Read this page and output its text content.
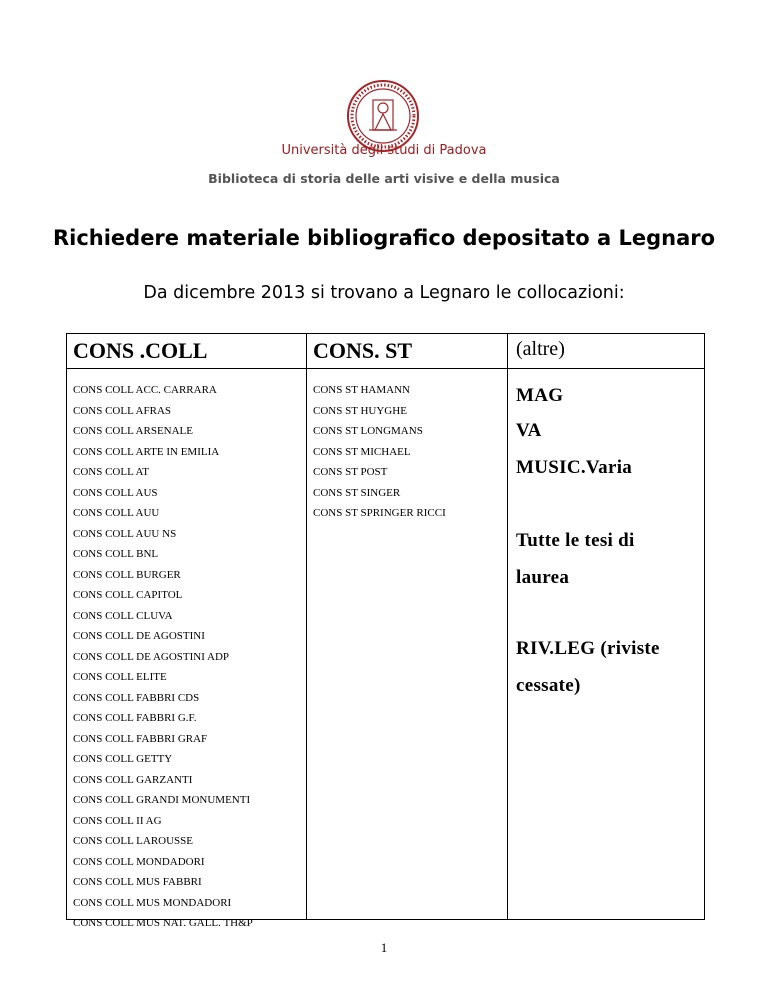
Università degli studi di Padova
Biblioteca di storia delle arti visive e della musica
Richiedere materiale bibliografico depositato a Legnaro
Da dicembre 2013 si trovano a Legnaro le collocazioni:
CONS .COLL	CONS. ST	(altre)
CONS COLL ACC. CARRARA
CONS COLL AFRAS
CONS COLL ARSENALE
CONS COLL ARTE IN EMILIA
CONS COLL AT
CONS COLL AUS
CONS COLL AUU
CONS COLL AUU NS
CONS COLL BNL
CONS COLL BURGER
CONS COLL CAPITOL
CONS COLL CLUVA
CONS COLL DE AGOSTINI
CONS COLL DE AGOSTINI ADP
CONS COLL ELITE
CONS COLL FABBRI CDS
CONS COLL FABBRI G.F.
CONS COLL FABBRI GRAF
CONS COLL GETTY
CONS COLL GARZANTI
CONS COLL GRANDI MONUMENTI
CONS COLL II AG
CONS COLL LAROUSSE
CONS COLL MONDADORI
CONS COLL MUS FABBRI
CONS COLL MUS MONDADORI
CONS COLL MUS NAT. GALL. TH&P
CONS ST HAMANN
CONS ST HUYGHE
CONS ST LONGMANS
CONS ST MICHAEL
CONS ST POST
CONS ST SINGER
CONS ST SPRINGER RICCI
MAG
VA
MUSIC.Varia
Tutte le tesi di
laurea
RIV.LEG (riviste
cessate)
1
